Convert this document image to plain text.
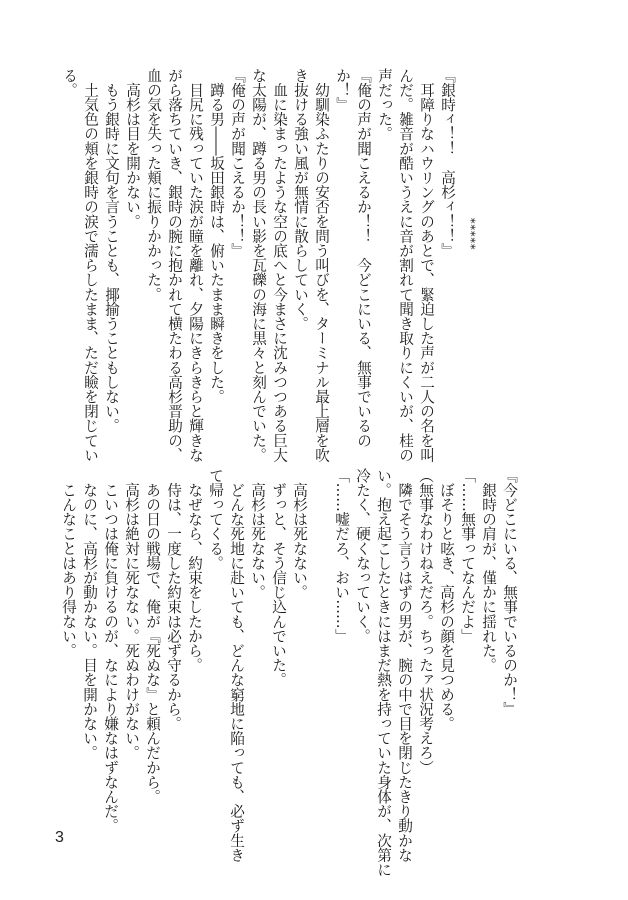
*****

『銀時ィ！！　高杉ィ！！』

　耳障りなハウリングのあとで、緊迫した声が二人の名を叫

んだ。雑音が酷いうえに音が割れて聞き取りにくいが、桂の

声だった。

『俺の声が聞こえるか！！　今どこにいる、無事でいるの

か！』

　幼馴染ふたりの安否を問う叫びを、ターミナル最上層を吹

き抜ける強い風が無情に散らしていく。

　血に染まったような空の底へと今まさに沈みつつある巨大

な太陽が、蹲る男の長い影を瓦礫の海に黒々と刻んでいた。

『俺の声が聞こえるか！！』

　蹲る男――坂田銀時は、俯いたまま瞬きをした。

　目尻に残っていた涙が瞳を離れ、夕陽にきらきらと輝きな

がら落ちていき、銀時の腕に抱かれて横たわる高杉晋助の、

血の気を失った頬に振りかかった。

　高杉は目を開かない。

　もう銀時に文句を言うことも、揶揄うこともしない。

　土気色の頬を銀時の涙で濡らしたまま、ただ瞼を閉じてい

る。

『今どこにいる、無事でいるのか！』

　銀時の肩が、僅かに揺れた。

「……無事ってなんだよ」

　ぼそりと呟き、高杉の顔を見つめる。

（無事なわけねえだろ。ちったァ状況考えろ）

　隣でそう言うはずの男が、腕の中で目を閉じたきり動かな

い。抱え起こしたときにはまだ熱を持っていた身体が、次第に

冷たく、硬くなっていく。

「……嘘だろ、おい……」

　高杉は死なない。

　ずっと、そう信じ込んでいた。

　高杉は死なない。

　どんな死地に赴いても、どんな窮地に陥っても、必ず生き

て帰ってくる。

　なぜなら、約束をしたから。

　侍は、一度した約束は必ず守るから。

　あの日の戦場で、俺が『死ぬな』と頼んだから。

　高杉は絶対に死なない。死ぬわけがない。

　こいつは俺に負けるのが、なにより嫌なはずなんだ。

　なのに、高杉が動かない。目を開かない。

　こんなことはあり得ない。

3
